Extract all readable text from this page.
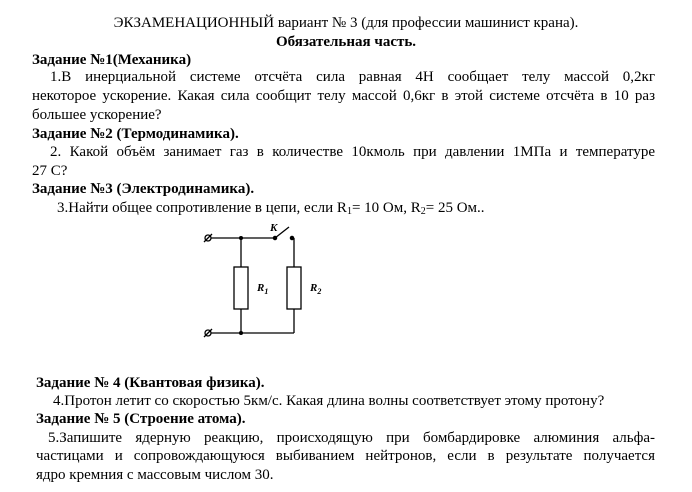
ЭКЗАМЕНАЦИОННЫЙ вариант № 3 (для профессии машинист крана).
Обязательная часть.
Задание №1(Механика)
1.В инерциальной системе отсчёта сила равная 4Н сообщает телу массой 0,2кг
некоторое ускорение. Какая сила сообщит телу массой 0,6кг в этой системе отсчёта в 10 раз
большее ускорение?
Задание №2 (Термодинамика).
2. Какой объём занимает газ в количестве 10кмоль при давлении 1МПа и температуре
27 С?
Задание №3 (Электродинамика).
3.Найти общее сопротивление в цепи, если $R_1= 10$ Ом, $R_2= 25$ Ом..
K
$R_1$	$R_2$
Задание № 4 (Квантовая физика).
4.Протон летит со скоростью 5км/с. Какая длина волны соответствует этому протону?
Задание № 5 (Строение атома).
5.Запишите ядерную реакцию, происходящую при бомбардировке алюминия альфа-
частицами и сопровождающуюся выбиванием нейтронов, если в результате получается
ядро кремния с массовым числом 30.
